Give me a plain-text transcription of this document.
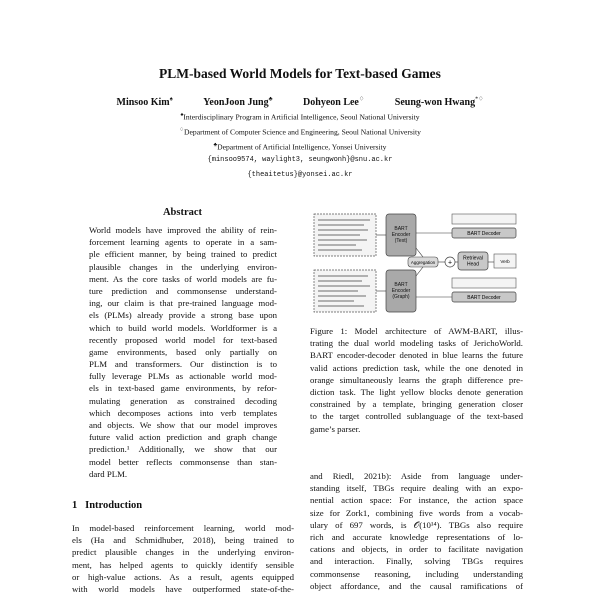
PLM-based World Models for Text-based Games
Minsoo Kim♠	YeonJoon Jung♣	Dohyeon Lee♢	Seung-won Hwang*♢
♠Interdisciplinary Program in Artificial Intelligence, Seoul National University
♢Department of Computer Science and Engineering, Seoul National University
♣Department of Artificial Intelligence, Yonsei University
{minsoo9574, waylight3, seungwonh}@snu.ac.kr
{theaitetus}@yonsei.ac.kr
Abstract
World models have improved the ability of rein-
forcement learning agents to operate in a sam-
ple efficient manner, by being trained to predict
plausible changes in the underlying environ-
ment. As the core tasks of world models are fu-
ture prediction and commonsense understand-
ing, our claim is that pre-trained language mod-
els (PLMs) already provide a strong base upon
which to build world models. Worldformer is a
recently proposed world model for text-based
game environments, based only partially on
PLM and transformers. Our distinction is to
fully leverage PLMs as actionable world mod-
els in text-based game environments, by refor-
mulating generation as constrained decoding
which decomposes actions into verb templates
and objects. We show that our model improves
future valid action prediction and graph change
prediction.¹ Additionally, we show that our
model better reflects commonsense than stan-
dard PLM.
1 Introduction
In model-based reinforcement learning, world mod-
els (Ha and Schmidhuber, 2018), being trained to
predict plausible changes in the underlying environ-
ment, has helped agents to quickly identify sensible
or high-value actions. As a result, agents equipped
with world models have outperformed state-of-the-
BART Encoder (Text)
BART Encoder (Graph)
Aggregation +
Retrieval Head	Verb
BART Decoder
BART Decoder
Figure 1: Model architecture of AWM-BART, illus-
trating the dual world modeling tasks of JerichoWorld.
BART encoder-decoder denoted in blue learns the future
valid actions prediction task, while the one denoted in
orange simultaneously learns the graph difference pre-
diction task. The light yellow blocks denote generation
constrained by a template, bringing generation closer
to the target controlled sublanguage of the text-based
game’s parser.
and Riedl, 2021b): Aside from language under-
standing itself, TBGs require dealing with an expo-
nential action space: For instance, the action space
size for Zork1, combining five words from a vocab-
ulary of 697 words, is 𝒪(10¹⁴). TBGs also require
rich and accurate knowledge representations of lo-
cations and objects, in order to facilitate navigation
and interaction. Finally, solving TBGs requires
commonsense reasoning, including understanding
object affordance, and the causal ramifications of
